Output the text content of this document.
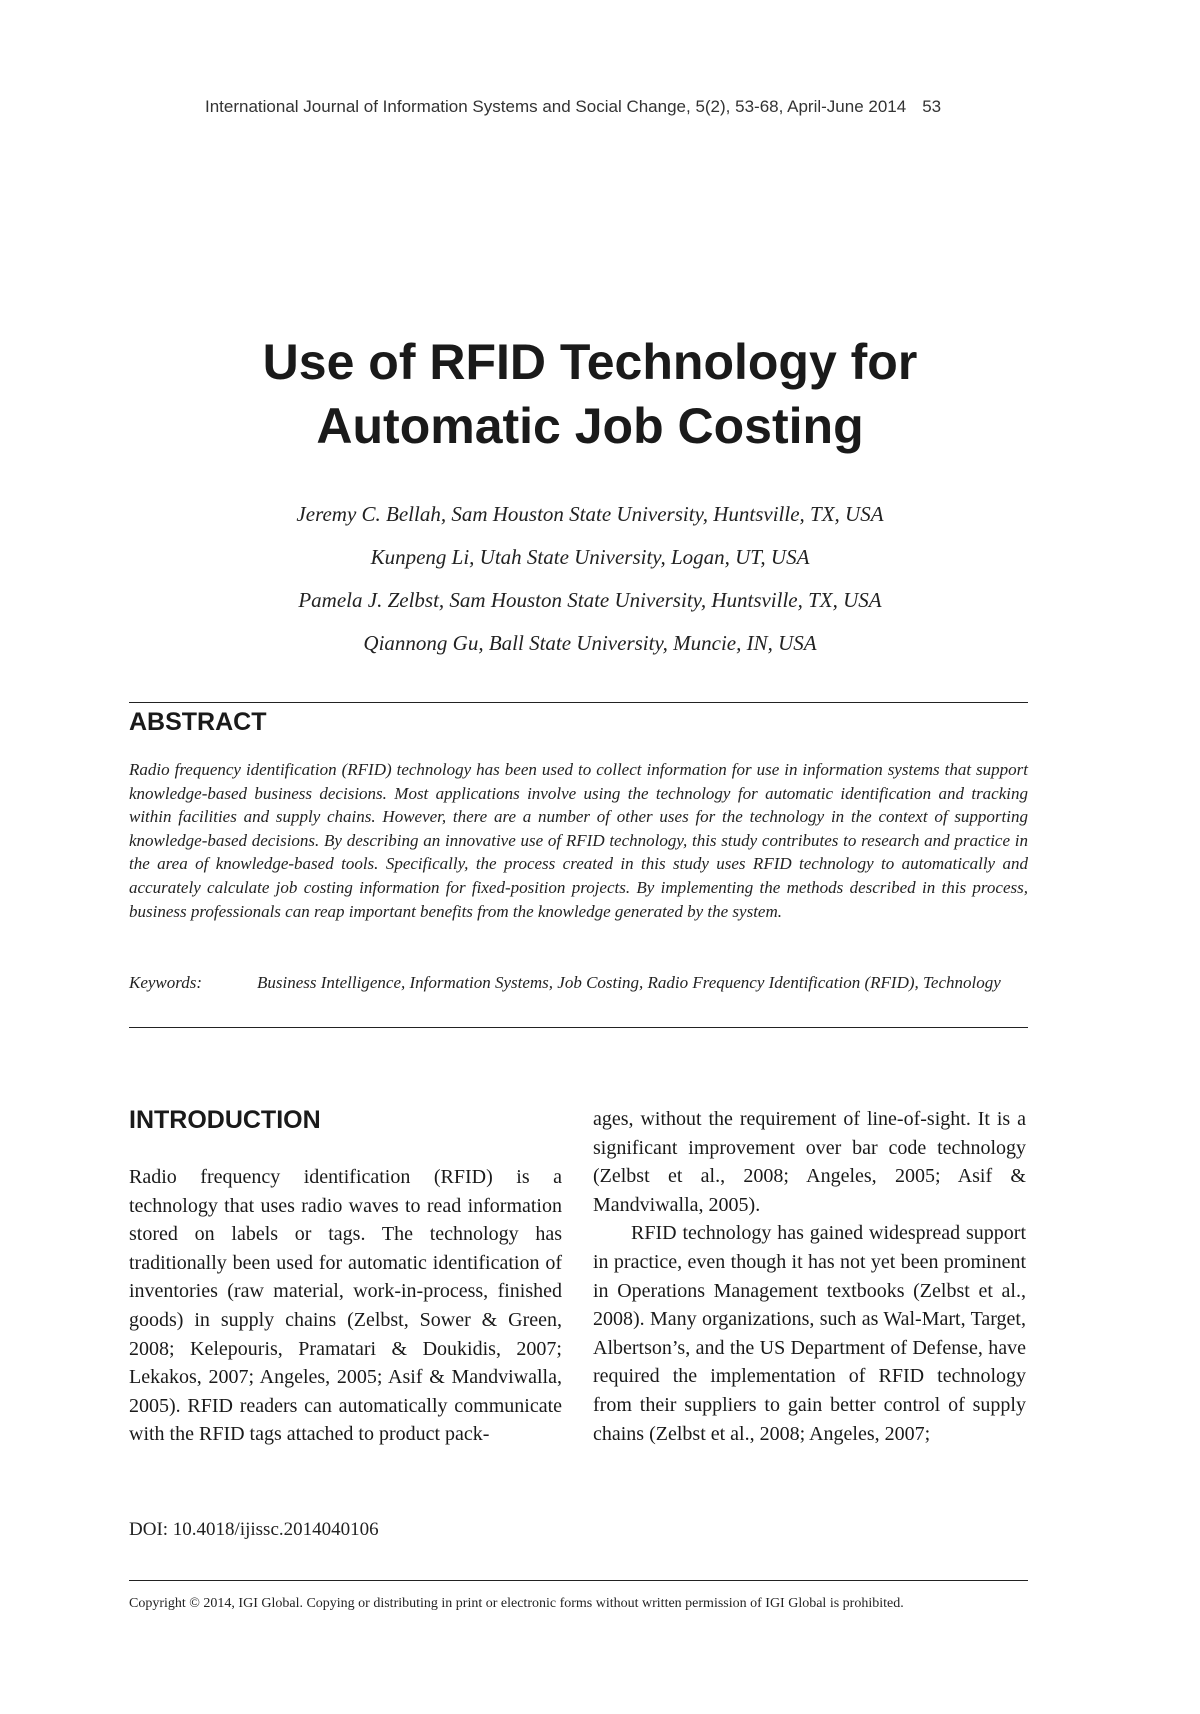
International Journal of Information Systems and Social Change, 5(2), 53-68, April-June 2014 53
Use of RFID Technology for
Automatic Job Costing
Jeremy C. Bellah, Sam Houston State University, Huntsville, TX, USA
Kunpeng Li, Utah State University, Logan, UT, USA
Pamela J. Zelbst, Sam Houston State University, Huntsville, TX, USA
Qiannong Gu, Ball State University, Muncie, IN, USA
ABSTRACT

Radio frequency identification (RFID) technology has been used to collect information for use in information systems that support knowledge-based business decisions. Most applications involve using the technology for automatic identification and tracking within facilities and supply chains. However, there are a number of other uses for the technology in the context of supporting knowledge-based decisions. By describing an innovative use of RFID technology, this study contributes to research and practice in the area of knowledge-based tools. Specifically, the process created in this study uses RFID technology to automatically and accurately calculate job costing information for fixed-position projects. By implementing the methods described in this process, business professionals can reap important benefits from the knowledge generated by the system.

Keywords:	Business Intelligence, Information Systems, Job Costing, Radio Frequency Identification (RFID), Technology
INTRODUCTION

Radio frequency identification (RFID) is a technology that uses radio waves to read information stored on labels or tags. The technology has traditionally been used for automatic identification of inventories (raw material, work-in-process, finished goods) in supply chains (Zelbst, Sower & Green, 2008; Kelepouris, Pramatari & Doukidis, 2007; Lekakos, 2007; Angeles, 2005; Asif & Mandviwalla, 2005). RFID readers can automatically communicate with the RFID tags attached to product pack-

ages, without the requirement of line-of-sight. It is a significant improvement over bar code technology (Zelbst et al., 2008; Angeles, 2005; Asif & Mandviwalla, 2005).

RFID technology has gained widespread support in practice, even though it has not yet been prominent in Operations Management textbooks (Zelbst et al., 2008). Many organizations, such as Wal-Mart, Target, Albertson’s, and the US Department of Defense, have required the implementation of RFID technology from their suppliers to gain better control of supply chains (Zelbst et al., 2008; Angeles, 2007;

DOI: 10.4018/ijissc.2014040106
Copyright © 2014, IGI Global. Copying or distributing in print or electronic forms without written permission of IGI Global is prohibited.
